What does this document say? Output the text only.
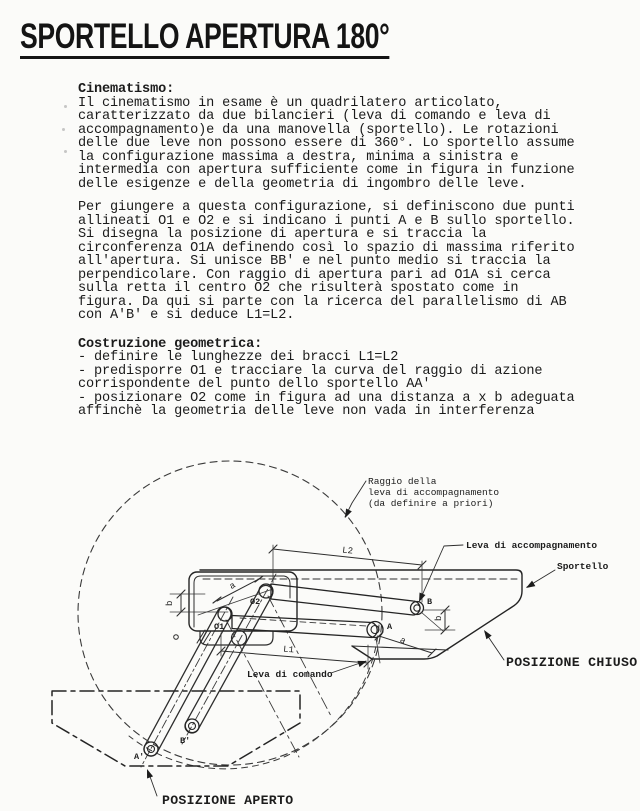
SPORTELLO APERTURA 180°
Cinematismo:
Il cinematismo in esame è un quadrilatero articolato,
caratterizzato da due bilancieri (leva di comando e leva di
accompagnamento)e da una manovella (sportello). Le rotazioni
delle due leve non possono essere di 360°. Lo sportello assume
la configurazione massima a destra, minima a sinistra e
intermedia con apertura sufficiente come in figura in funzione
delle esigenze e della geometria di ingombro delle leve.
Per giungere a questa configurazione, si definiscono due punti
allineati O1 e O2 e si indicano i punti A e B sullo sportello.
Si disegna la posizione di apertura e si traccia la
circonferenza O1A definendo così lo spazio di massima riferito
all'apertura. Si unisce BB' e nel punto medio si traccia la
perpendicolare. Con raggio di apertura pari ad O1A si cerca
sulla retta il centro O2 che risulterà spostato come in
figura. Da qui si parte con la ricerca del parallelismo di AB
con A'B' e si deduce L1=L2.
Costruzione geometrica:
- definire le lunghezze dei bracci L1=L2
- predisporre O1 e tracciare la curva del raggio di azione
corrispondente del punto dello sportello AA'
- posizionare O2 come in figura ad una distanza a x b adeguata
affinchè la geometria delle leve non vada in interferenza
L2
L1
b
b
a
a
Raggio della
leva di accompagnamento
(da definire a priori)
Leva di accompagnamento
Sportello
POSIZIONE CHIUSO
Leva di comando
POSIZIONE APERTO
O1
O2
A
B
A'
B'
